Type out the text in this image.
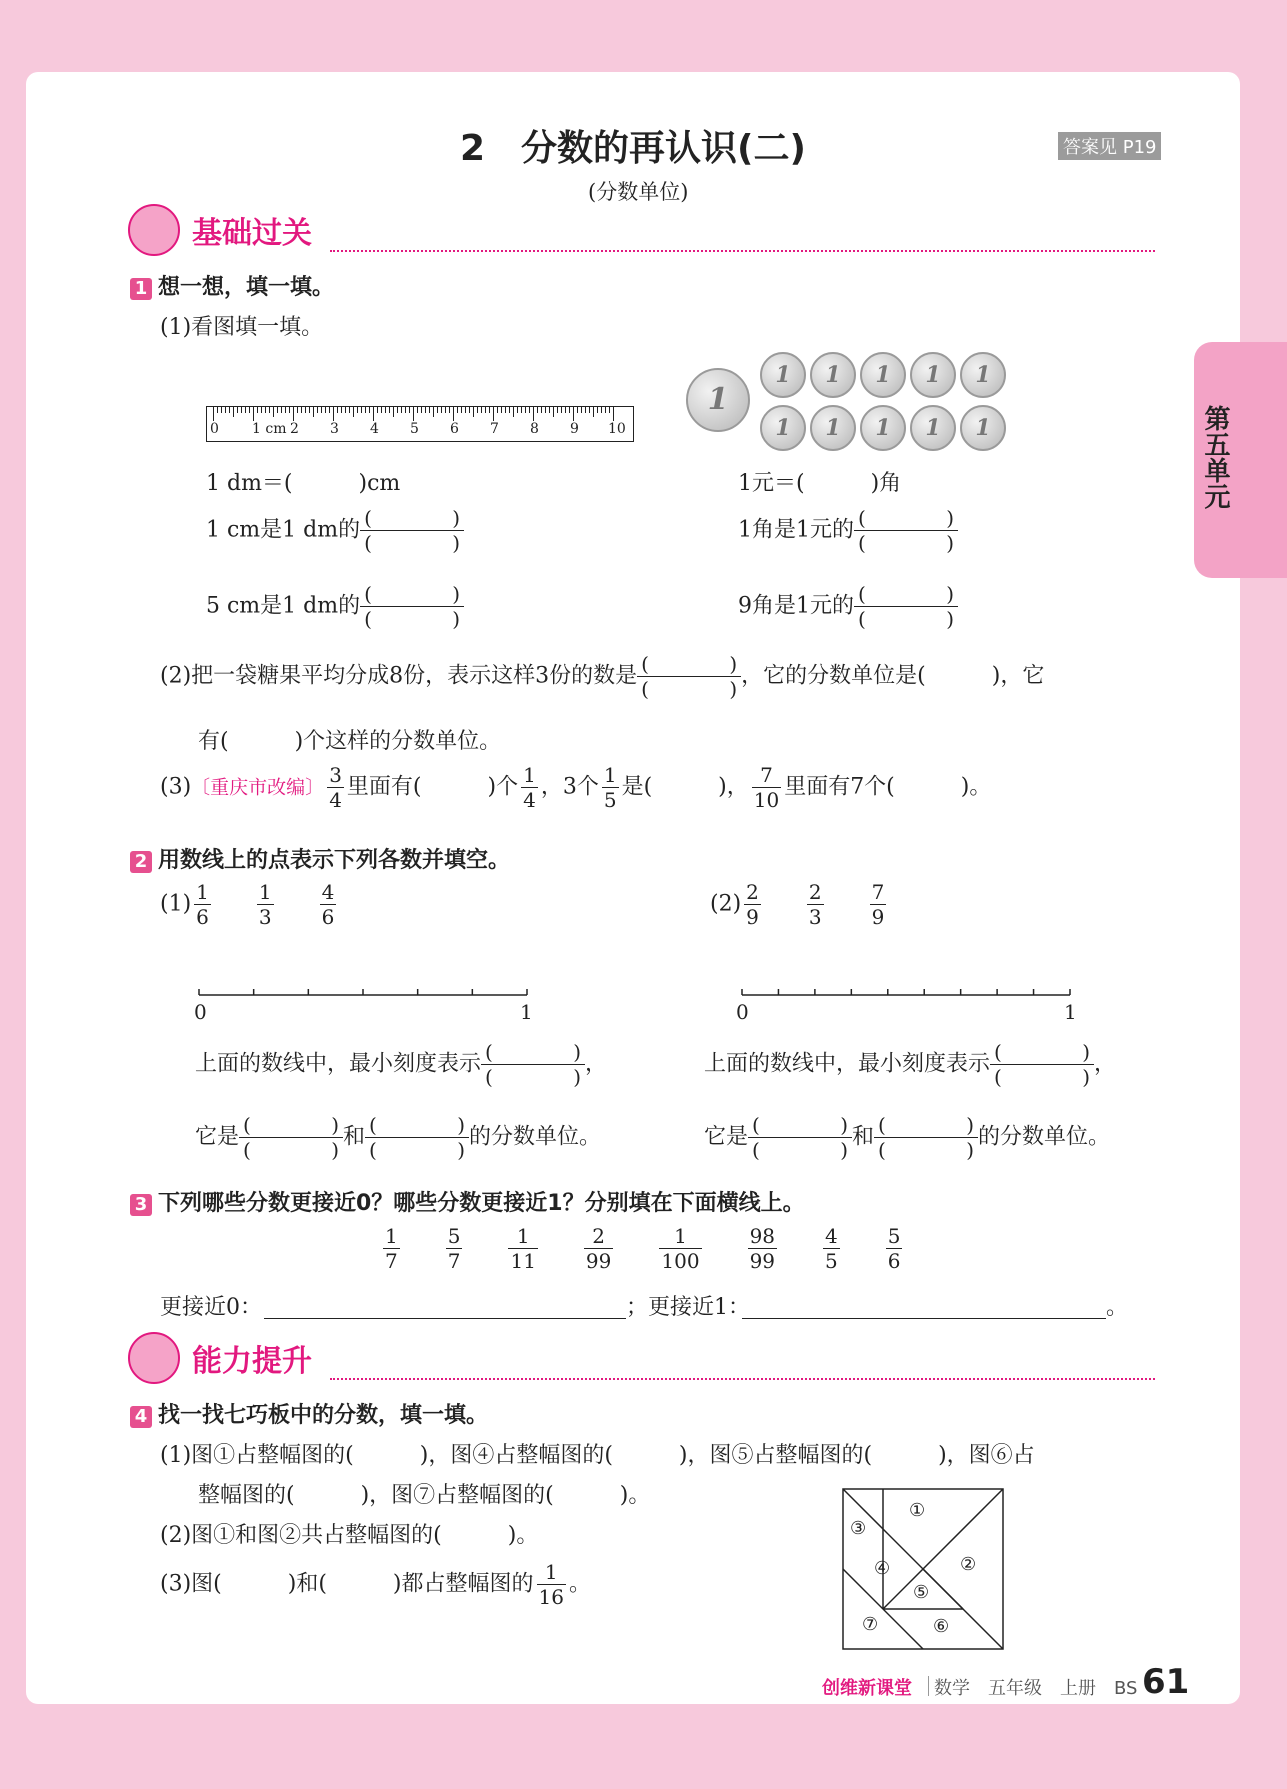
第五单元
2　分数的再认识(二)
(分数单位)
答案见 P19
基础过关
1 想一想，填一填。
(1)看图填一填。
0 1 cm 2 3 4 5 6 7 8 9 10
1
1	1	1	1	1
1	1	1	1	1
1 dm＝(　　　)cm	1元＝(　　　)角
1 cm是1 dm的 (	)
(	)
1角是1元的 (	)
(	)
5 cm是1 dm的 (	)
(	)
9角是1元的 (	)
(	)
(2)把一袋糖果平均分成8份，表示这样3份的数是 (	)
(	)
，它的分数单位是(　　　)，它
有(　　　)个这样的分数单位。
(3)〔重庆市改编〕 $\frac{3}{4}$ 里面有(　　　)个 $\frac{1}{4}$ ，3个 $\frac{1}{5}$ 是(　　　)， $\frac{7}{10}$ 里面有7个(　　　)。
2 用数线上的点表示下列各数并填空。
$(1) \frac{1}{6} \frac{1}{3} \frac{4}{6}$	$(2) \frac{2}{9} \frac{2}{3} \frac{7}{9}$
0	1	0	1
上面的数线中，最小刻度表示 (	)
(	)
，	上面的数线中，最小刻度表示 (	)
(	)
，
它是 (	)
(	)
和 (	)
(	)
的分数单位。	它是 (	)
(	)
和 (	)
(	)
的分数单位。
3 下列哪些分数更接近0？哪些分数更接近1？分别填在下面横线上。
$\frac{1}{7} \frac{5}{7} \frac{1}{11} \frac{2}{99} \frac{1}{100} \frac{98}{99} \frac{4}{5} \frac{5}{6}$
更接近0：	；更接近1：	。
能力提升
4 找一找七巧板中的分数，填一填。
(1)图①占整幅图的(　　　)，图④占整幅图的(　　　)，图⑤占整幅图的(　　　)，图⑥占
整幅图的(　　　)，图⑦占整幅图的(　　　)。
(2)图①和图②共占整幅图的(　　　)。
(3)图(　　　)和(　　　)都占整幅图的 $\frac{1}{16}$ 。
①
②
③
④
⑤
⑥
⑦
创维新课堂 数学　五年级　上册　BS 61
